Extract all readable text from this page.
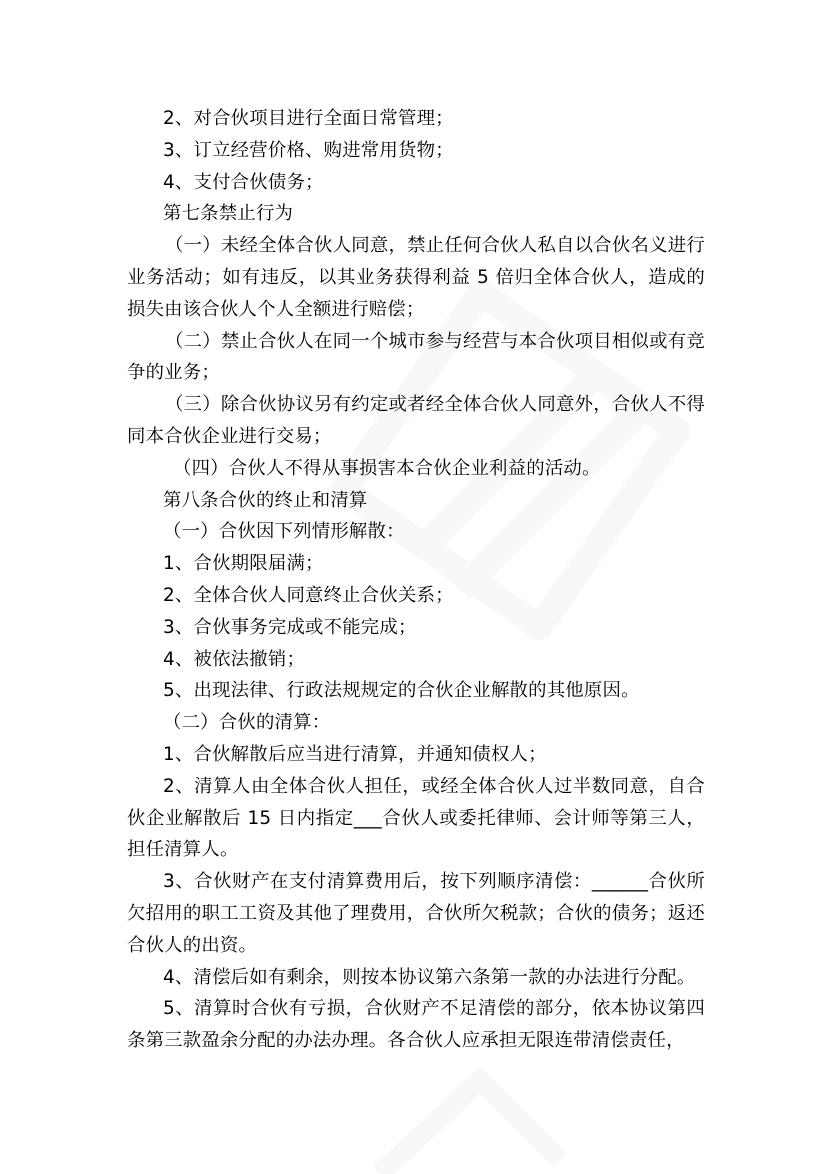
2、对合伙项目进行全面日常管理；
3、订立经营价格、购进常用货物；
4、支付合伙债务；
第七条禁止行为
（一）未经全体合伙人同意，禁止任何合伙人私自以合伙名义进行业务活动；如有违反，以其业务获得利益 5 倍归全体合伙人，造成的损失由该合伙人个人全额进行赔偿；
（二）禁止合伙人在同一个城市参与经营与本合伙项目相似或有竞争的业务；
（三）除合伙协议另有约定或者经全体合伙人同意外，合伙人不得同本合伙企业进行交易；
（四）合伙人不得从事损害本合伙企业利益的活动。
第八条合伙的终止和清算
（一）合伙因下列情形解散：
1、合伙期限届满；
2、全体合伙人同意终止合伙关系；
3、合伙事务完成或不能完成；
4、被依法撤销；
5、出现法律、行政法规规定的合伙企业解散的其他原因。
（二）合伙的清算：
1、合伙解散后应当进行清算，并通知债权人；
2、清算人由全体合伙人担任，或经全体合伙人过半数同意，自合伙企业解散后 15 日内指定___合伙人或委托律师、会计师等第三人，担任清算人。
3、合伙财产在支付清算费用后，按下列顺序清偿：______合伙所欠招用的职工工资及其他了理费用，合伙所欠税款；合伙的债务；返还合伙人的出资。
4、清偿后如有剩余，则按本协议第六条第一款的办法进行分配。
5、清算时合伙有亏损，合伙财产不足清偿的部分，依本协议第四条第三款盈余分配的办法办理。各合伙人应承担无限连带清偿责任，
